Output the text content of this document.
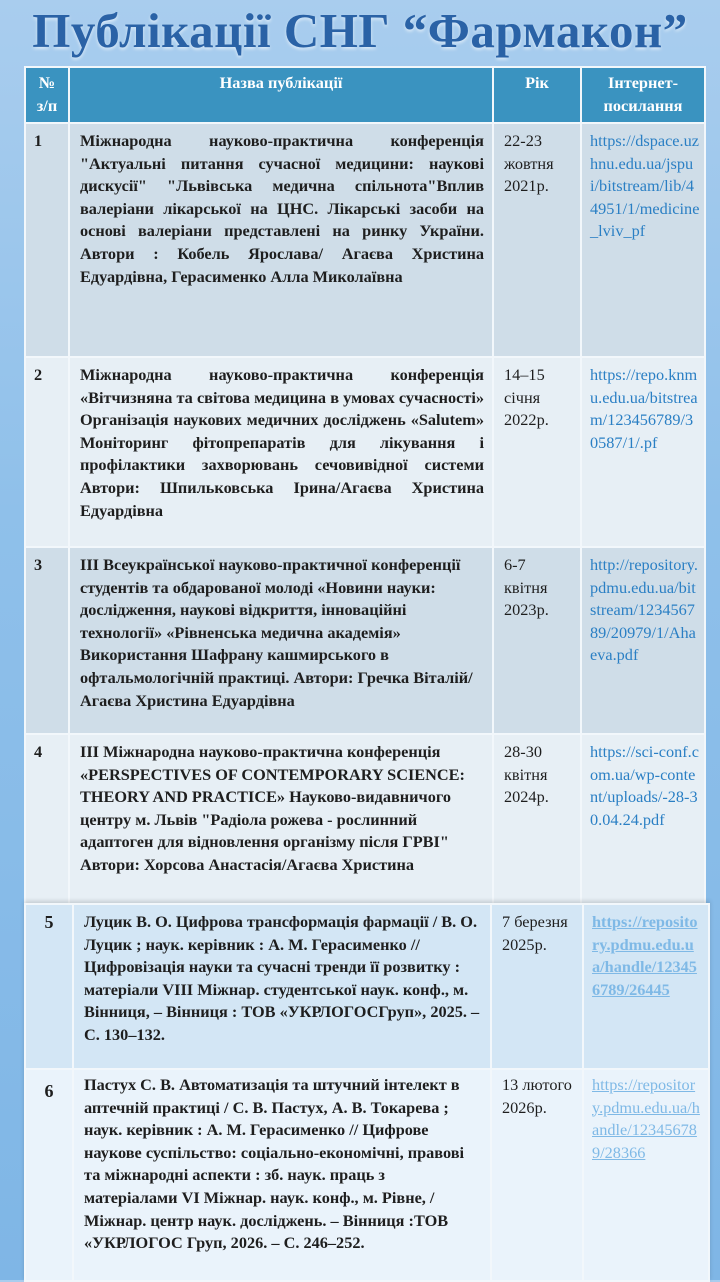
Публікації СНГ “Фармакон”
№ з/п	Назва публікації	Рік	Інтернет-посилання
1	Міжнародна науково-практична конференція "Актуальні питання сучасної медицини: наукові дискусії" "Львівська медична спільнота"Вплив валеріани лікарської на ЦНС. Лікарські засоби на основі валеріани представлені на ринку України. Автори : Кобель Ярослава/ Агаєва Христина Едуардівна, Герасименко Алла Миколаївна	22-23 жовтня 2021р.	https://dspace.uzhnu.edu.ua/jspui/bitstream/lib/44951/1/medicine_lviv_pf
2	Міжнародна науково-практична конференція «Вітчизняна та світова медицина в умовах сучасності» Організація наукових медичних досліджень «Salutem» Моніторинг фітопрепаратів для лікування і профілактики захворювань сечовивідної системи Автори: Шпильковська Ірина/Агаєва Христина Едуардівна	14–15 січня 2022р.	https://repo.knmu.edu.ua/bitstream/123456789/30587/1/.pf
3	ІІІ Всеукраїнської науково-практичної конференції студентів та обдарованої молоді «Новини науки: дослідження, наукові відкриття, інноваційні технології» «Рівненська медична академія» Використання Шафрану кашмирського в офтальмологічній практиці. Автори: Гречка Віталій/Агаєва Христина Едуардівна	6-7 квітня 2023р.	http://repository.pdmu.edu.ua/bitstream/123456789/20979/1/Ahaeva.pdf
4	ІІІ Міжнародна науково-практична конференція «PERSPECTIVES OF CONTEMPORARY SCIENCE: THEORY AND PRACTICE» Науково-видавничого центру м. Львів "Радіола рожева - рослинний адаптоген для відновлення організму після ГРВІ" Автори: Хорсова Анастасія/Агаєва Христина	28-30 квітня 2024р.	https://sci-conf.com.ua/wp-content/uploads/-28-30.04.24.pdf
5	Луцик В. О. Цифрова трансформація фармації / В. О. Луцик ; наук. керівник : А. М. Герасименко // Цифровізація науки та сучасні тренди її розвитку : матеріали VIII Міжнар. студентської наук. конф., м. Вінниця, – Вінниця : ТОВ «УКРЛОГОСГруп», 2025. – С. 130–132.	7 березня 2025р.	https://repository.pdmu.edu.ua/handle/123456789/26445
6	Пастух С. В. Автоматизація та штучний інтелект в аптечній практиці / С. В. Пастух, А. В. Токарева ; наук. керівник : А. М. Герасименко // Цифрове наукове суспільство: соціально-економічні, правові та міжнародні аспекти : зб. наук. праць з матеріалами VI Міжнар. наук. конф., м. Рівне, / Міжнар. центр наук. досліджень. – Вінниця :ТОВ «УКРЛОГОС Груп, 2026. – С. 246–252.	13 лютого 2026р.	https://repository.pdmu.edu.ua/handle/123456789/28366
